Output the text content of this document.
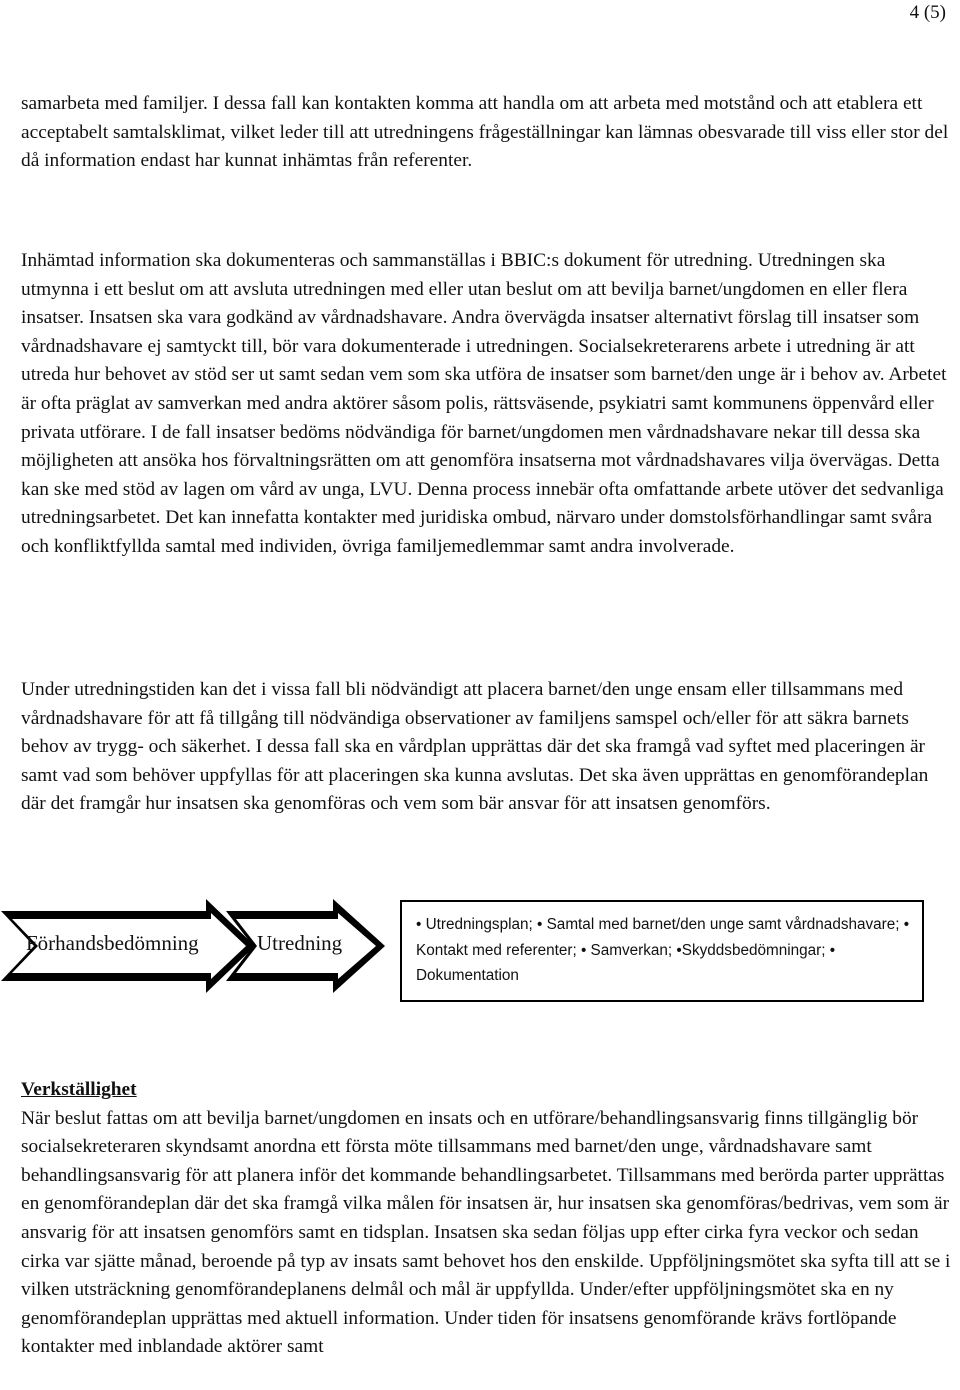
4 (5)

samarbeta med familjer. I dessa fall kan kontakten komma att handla om att arbeta med motstånd och att etablera ett acceptabelt samtalsklimat, vilket leder till att utredningens frågeställningar kan lämnas obesvarade till viss eller stor del då information endast har kunnat inhämtas från referenter.

Inhämtad information ska dokumenteras och sammanställas i BBIC:s dokument för utredning. Utredningen ska utmynna i ett beslut om att avsluta utredningen med eller utan beslut om att bevilja barnet/ungdomen en eller flera insatser. Insatsen ska vara godkänd av vårdnadshavare. Andra övervägda insatser alternativt förslag till insatser som vårdnadshavare ej samtyckt till, bör vara dokumenterade i utredningen. Socialsekreterarens arbete i utredning är att utreda hur behovet av stöd ser ut samt sedan vem som ska utföra de insatser som barnet/den unge är i behov av. Arbetet är ofta präglat av samverkan med andra aktörer såsom polis, rättsväsende, psykiatri samt kommunens öppenvård eller privata utförare. I de fall insatser bedöms nödvändiga för barnet/ungdomen men vårdnadshavare nekar till dessa ska möjligheten att ansöka hos förvaltningsrätten om att genomföra insatserna mot vårdnadshavares vilja övervägas. Detta kan ske med stöd av lagen om vård av unga, LVU. Denna process innebär ofta omfattande arbete utöver det sedvanliga utredningsarbetet. Det kan innefatta kontakter med juridiska ombud, närvaro under domstolsförhandlingar samt svåra och konfliktfyllda samtal med individen, övriga familjemedlemmar samt andra involverade.

Under utredningstiden kan det i vissa fall bli nödvändigt att placera barnet/den unge ensam eller tillsammans med vårdnadshavare för att få tillgång till nödvändiga observationer av familjens samspel och/eller för att säkra barnets behov av trygg- och säkerhet. I dessa fall ska en vårdplan upprättas där det ska framgå vad syftet med placeringen är samt vad som behöver uppfyllas för att placeringen ska kunna avslutas. Det ska även upprättas en genomförandeplan där det framgår hur insatsen ska genomföras och vem som bär ansvar för att insatsen genomförs.

Förhandsbedömning	Utredning
• Utredningsplan; • Samtal med barnet/den unge samt vårdnadshavare; • Kontakt med referenter; • Samverkan; •Skyddsbedömningar; • Dokumentation

Verkställighet
När beslut fattas om att bevilja barnet/ungdomen en insats och en utförare/behandlingsansvarig finns tillgänglig bör socialsekreteraren skyndsamt anordna ett första möte tillsammans med barnet/den unge, vårdnadshavare samt behandlingsansvarig för att planera inför det kommande behandlingsarbetet. Tillsammans med berörda parter upprättas en genomförandeplan där det ska framgå vilka målen för insatsen är, hur insatsen ska genomföras/bedrivas, vem som är ansvarig för att insatsen genomförs samt en tidsplan. Insatsen ska sedan följas upp efter cirka fyra veckor och sedan cirka var sjätte månad, beroende på typ av insats samt behovet hos den enskilde. Uppföljningsmötet ska syfta till att se i vilken utsträckning genomförandeplanens delmål och mål är uppfyllda. Under/efter uppföljningsmötet ska en ny genomförandeplan upprättas med aktuell information. Under tiden för insatsens genomförande krävs fortlöpande kontakter med inblandade aktörer samt
